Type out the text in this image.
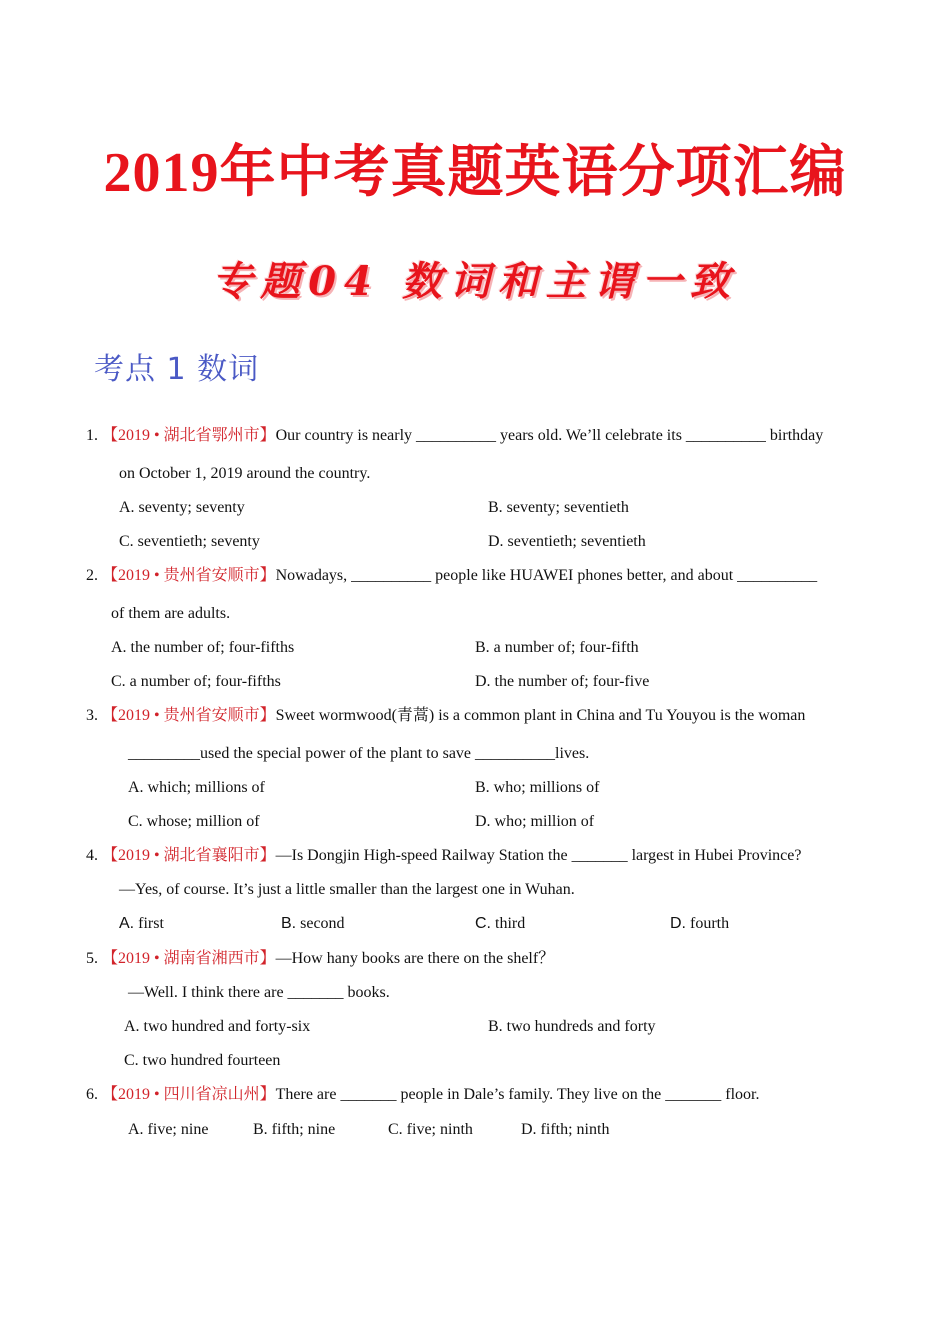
2019年中考真题英语分项汇编
专题04 数词和主谓一致
考点 1 数词
1. 【2019 • 湖北省鄂州市】Our country is nearly __________ years old. We’ll celebrate its __________ birthday
on October 1, 2019 around the country.
A. seventy; seventy	B. seventy; seventieth
C. seventieth; seventy	D. seventieth; seventieth
2. 【2019 • 贵州省安顺市】Nowadays, __________ people like HUAWEI phones better, and about __________
of them are adults.
A. the number of; four-fifths	B. a number of; four-fifth
C. a number of; four-fifths	D. the number of; four-five
3. 【2019 • 贵州省安顺市】Sweet wormwood(青蒿) is a common plant in China and Tu Youyou is the woman
_________used the special power of the plant to save __________lives.
A. which; millions of	B. who; millions of
C. whose; million of	D. who; million of
4. 【2019 • 湖北省襄阳市】—Is Dongjin High-speed Railway Station the _______ largest in Hubei Province?
—Yes, of course. It’s just a little smaller than the largest one in Wuhan.
A. first	B. second	C. third	D. fourth
5. 【2019 • 湖南省湘西市】—How hany books are there on the shelf？
—Well. I think there are _______ books.
A. two hundred and forty-six	B. two hundreds and forty
C. two hundred fourteen
6. 【2019 • 四川省凉山州】There are _______ people in Dale’s family. They live on the _______ floor.
A. five; nine	B. fifth; nine	C. five; ninth	D. fifth; ninth
